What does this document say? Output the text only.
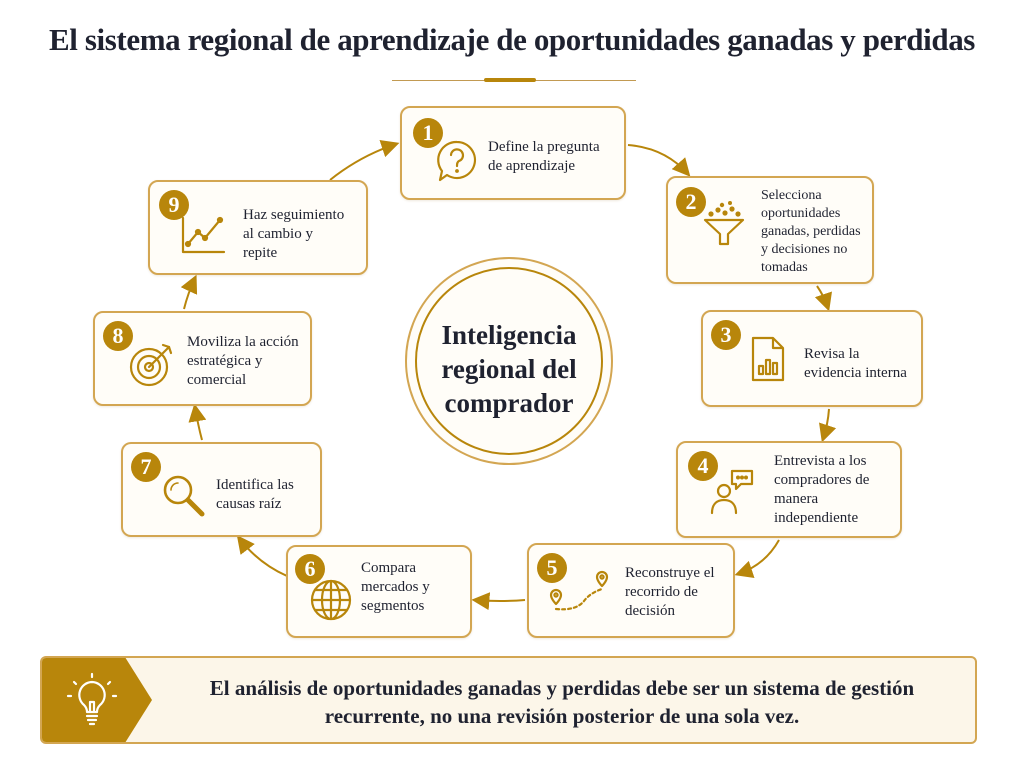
El sistema regional de aprendizaje de oportunidades ganadas y perdidas
Inteligencia
regional del
comprador
1
Define la pregunta
de aprendizaje
2	Selecciona
oportunidades
ganadas, perdidas
y decisiones no
tomadas
3
Revisa la
evidencia interna
4	Entrevista a los
compradores de
manera
independiente
5	Reconstruye el
recorrido de
decisión
6	Compara
mercados y
segmentos
7
Identifica las
causas raíz
8	Moviliza la acción
estratégica y
comercial
9	Haz seguimiento
al cambio y
repite
El análisis de oportunidades ganadas y perdidas debe ser un sistema de gestión recurrente, no una revisión posterior de una sola vez.
